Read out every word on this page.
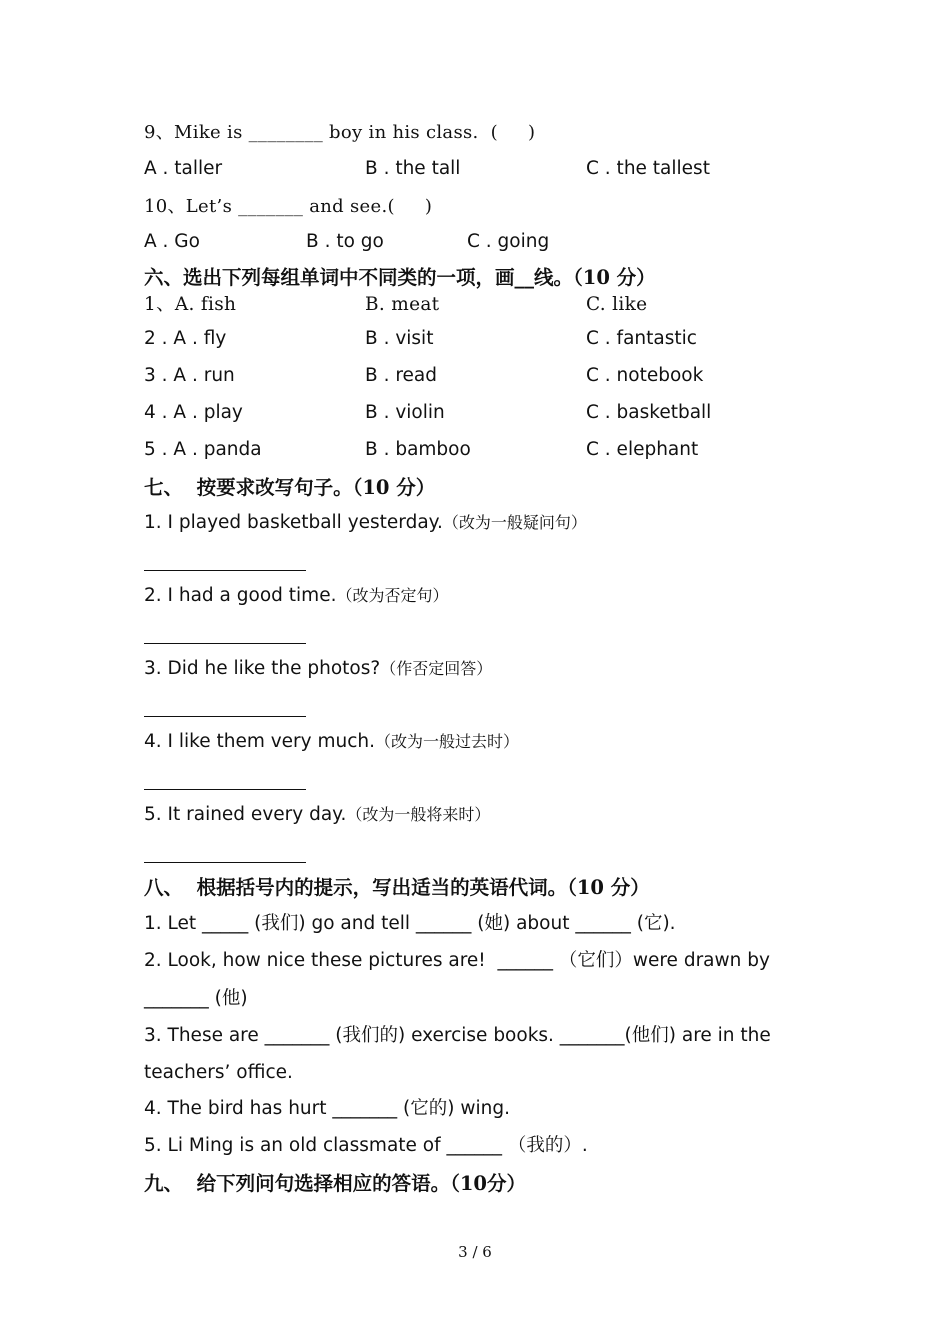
9、Mike is ________ boy in his class.  (     )
A . taller	B . the tall	C . the tallest
10、Let’s _______ and see.(     )
A . Go	B . to go	C . going
六、选出下列每组单词中不同类的一项，画__线。（10 分）
1、A. fish	B. meat	C. like
2 . A . fly	B . visit	C . fantastic
3 . A . run	B . read	C . notebook
4 . A . play	B . violin	C . basketball
5 . A . panda	B . bamboo	C . elephant
七、  按要求改写句子。（10 分）
1. I played basketball yesterday.（改为一般疑问句）
2. I had a good time.（改为否定句）
3. Did he like the photos?（作否定回答）
4. I like them very much.（改为一般过去时）
5. It rained every day.（改为一般将来时）
八、  根据括号内的提示，写出适当的英语代词。（10 分）
1. Let _____ (我们) go and tell ______ (她) about ______ (它).
2. Look, how nice these pictures are!  ______ （它们）were drawn by
_______ (他)
3. These are _______ (我们的) exercise books. _______(他们) are in the
teachers’ office.
4. The bird has hurt _______ (它的) wing.
5. Li Ming is an old classmate of ______ （我的）.
九、  给下列问句选择相应的答语。（10分）
3 / 6
